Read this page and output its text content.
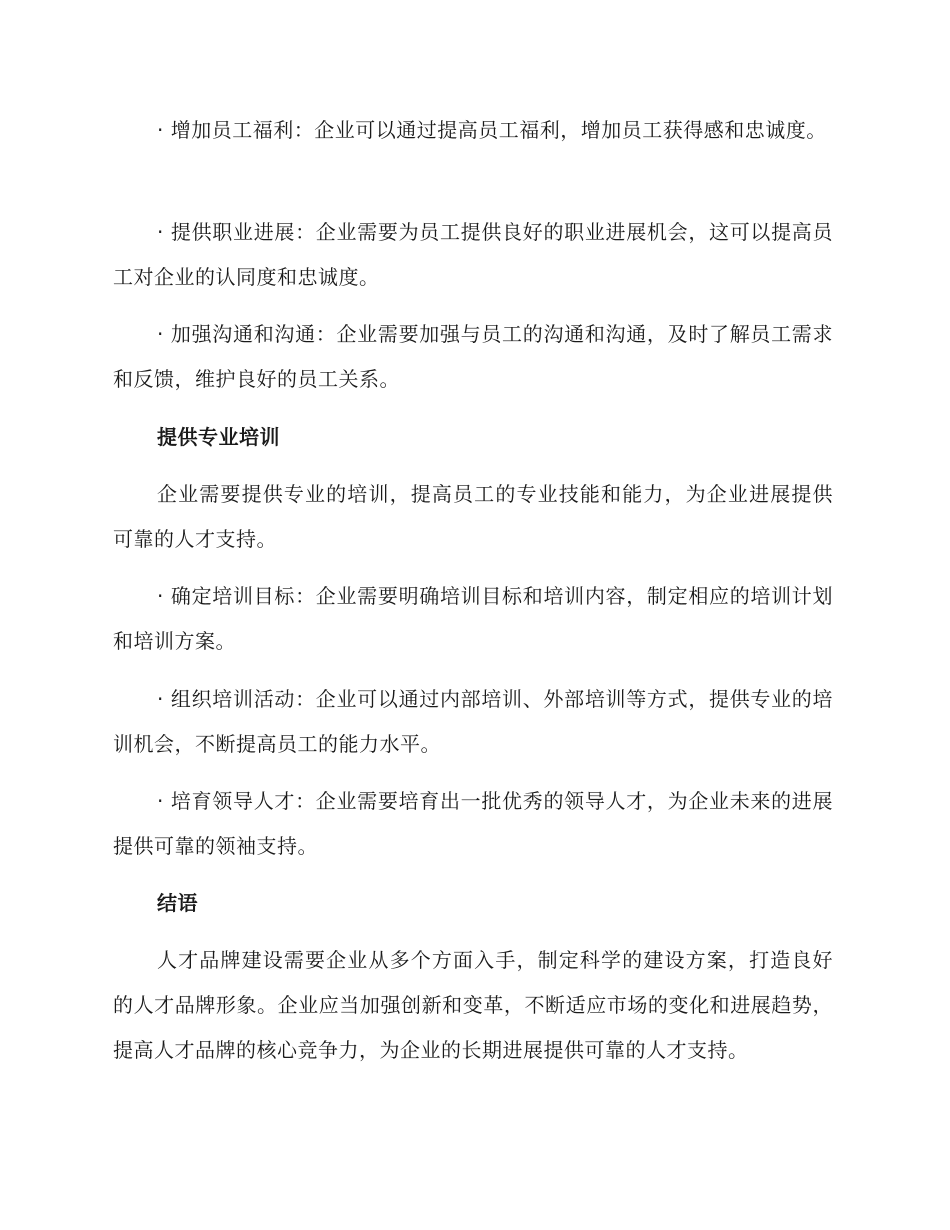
· 增加员工福利：企业可以通过提高员工福利，增加员工获得感和忠诚度。

· 提供职业进展：企业需要为员工提供良好的职业进展机会，这可以提高员工对企业的认同度和忠诚度。

· 加强沟通和沟通：企业需要加强与员工的沟通和沟通，及时了解员工需求和反馈，维护良好的员工关系。

提供专业培训

企业需要提供专业的培训，提高员工的专业技能和能力，为企业进展提供可靠的人才支持。

· 确定培训目标：企业需要明确培训目标和培训内容，制定相应的培训计划和培训方案。

· 组织培训活动：企业可以通过内部培训、外部培训等方式，提供专业的培训机会，不断提高员工的能力水平。

· 培育领导人才：企业需要培育出一批优秀的领导人才，为企业未来的进展提供可靠的领袖支持。

结语

人才品牌建设需要企业从多个方面入手，制定科学的建设方案，打造良好的人才品牌形象。企业应当加强创新和变革，不断适应市场的变化和进展趋势，提高人才品牌的核心竞争力，为企业的长期进展提供可靠的人才支持。
